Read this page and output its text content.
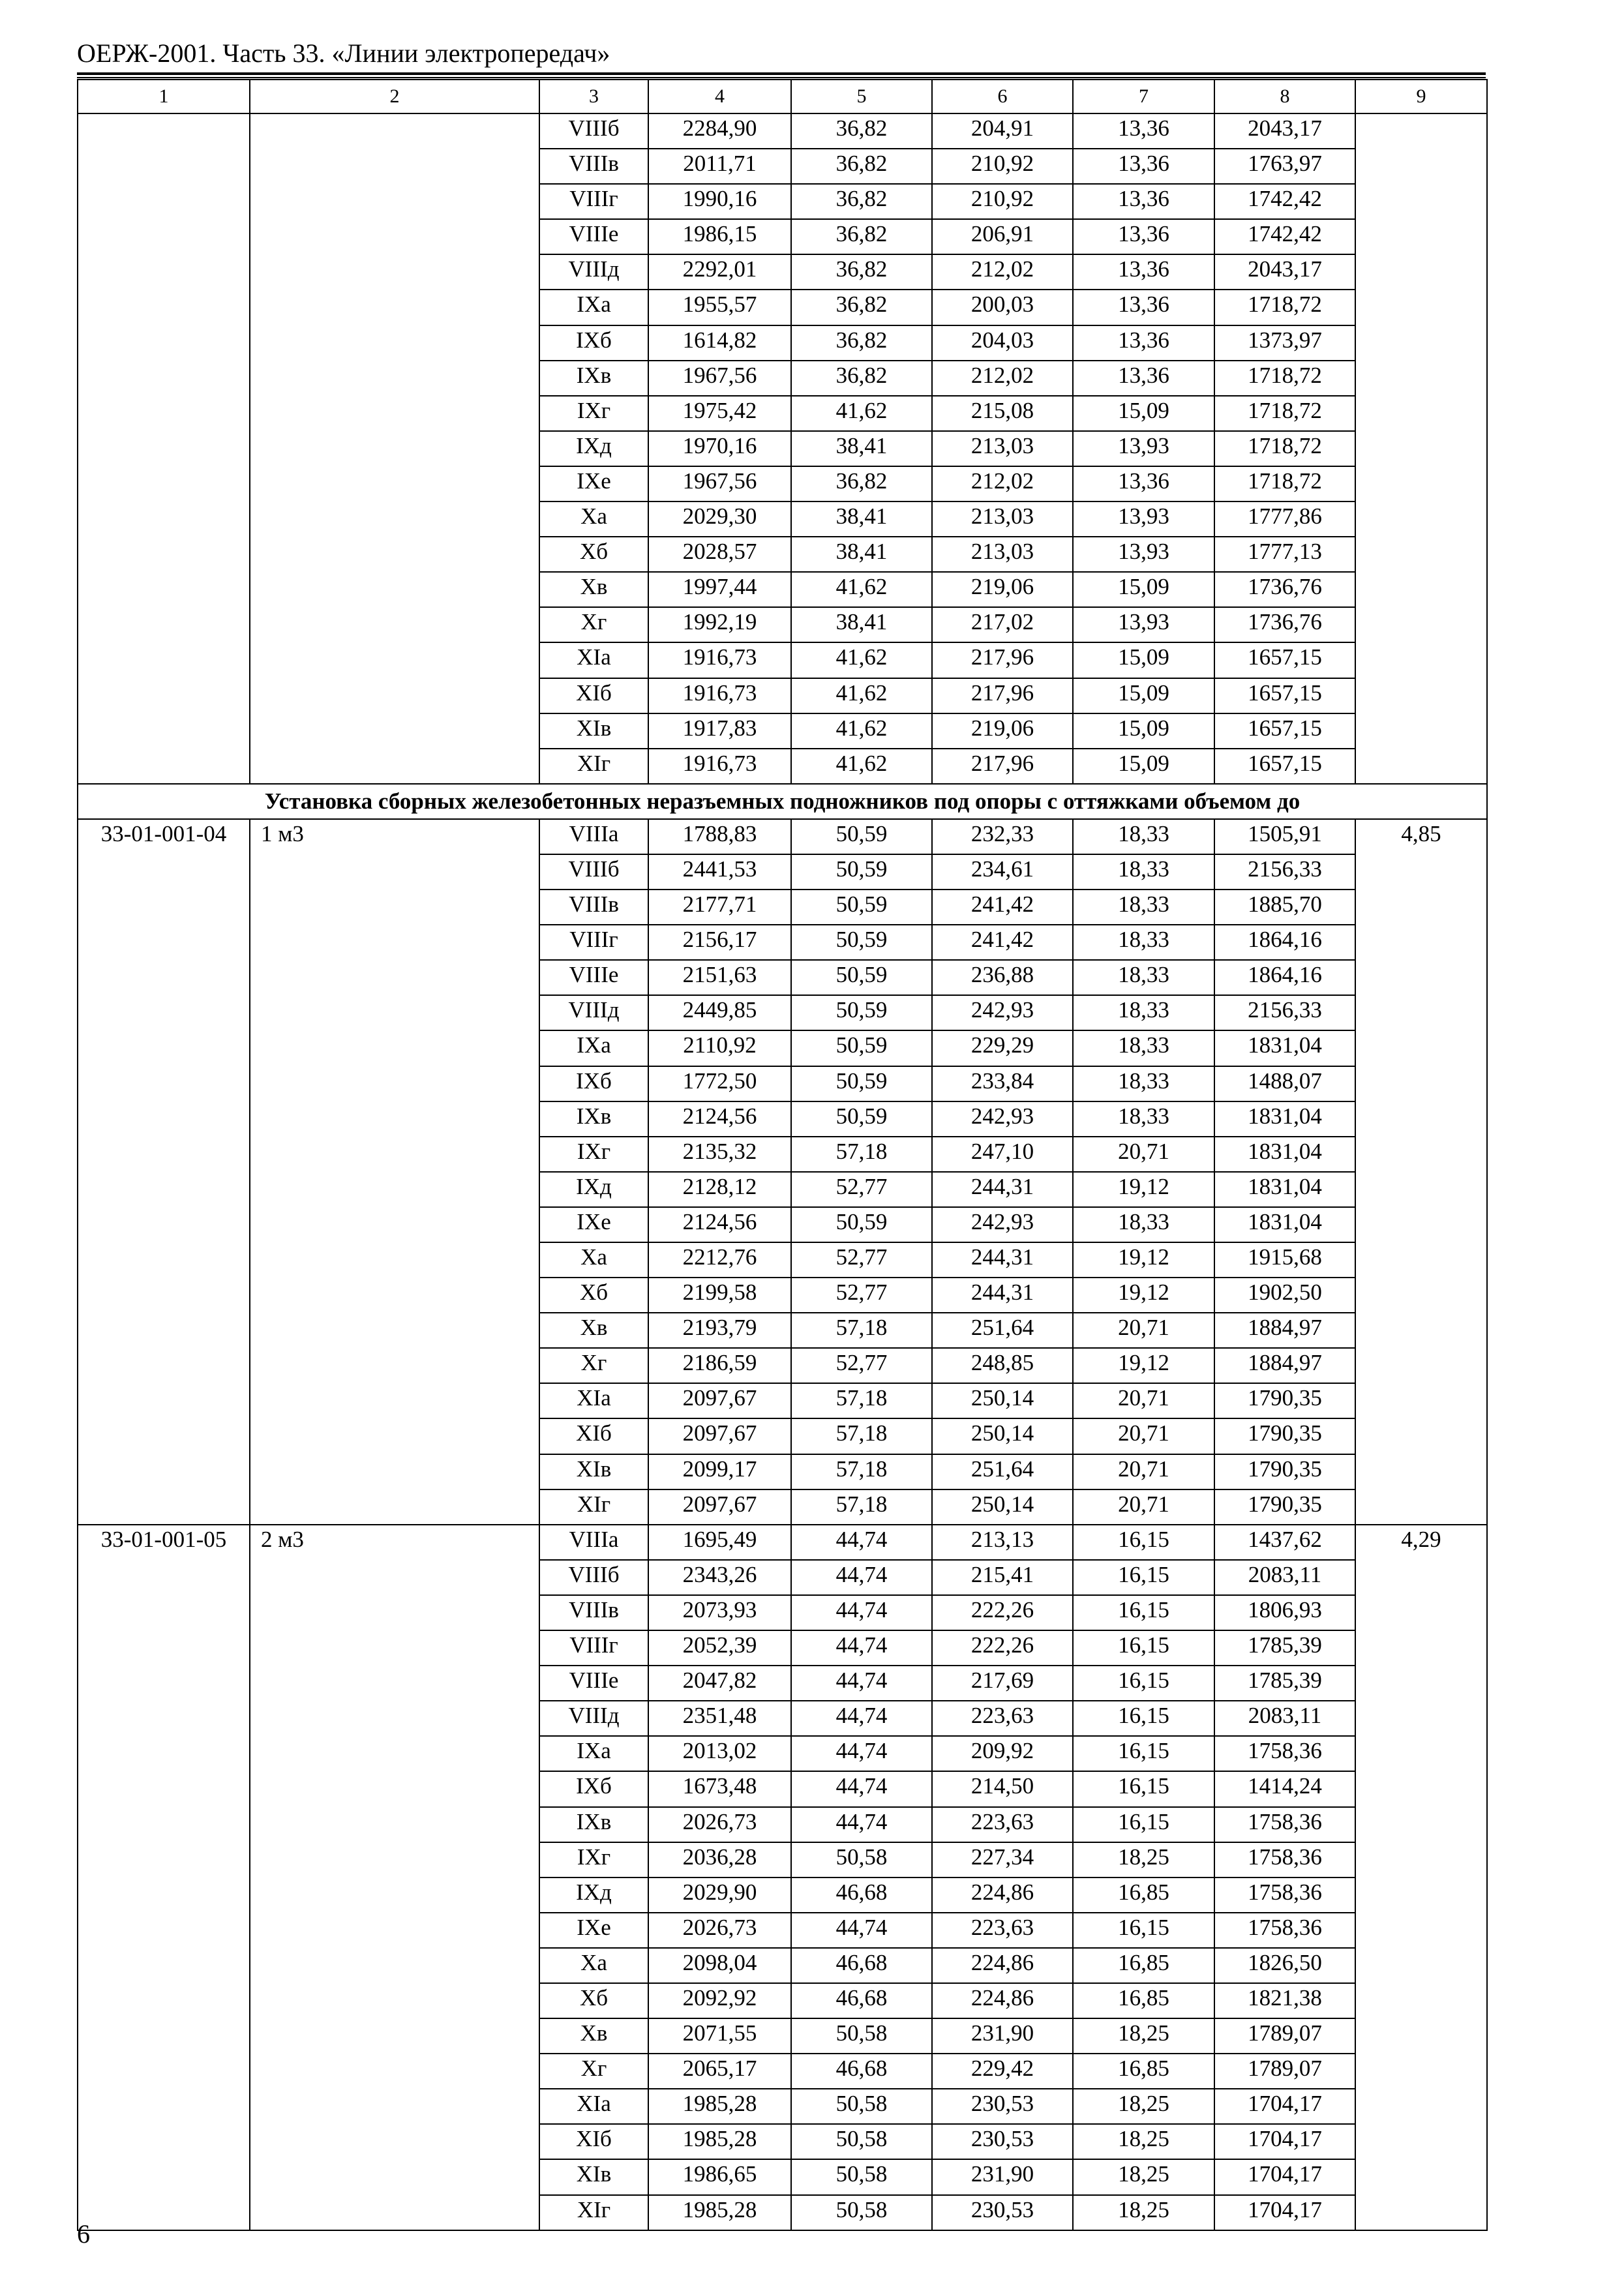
ОЕРЖ-2001. Часть 33. «Линии электропередач»
1	2	3	4	5	6	7	8	9
		VIIIб	2284,90	36,82	204,91	13,36	2043,17	
		VIIIв	2011,71	36,82	210,92	13,36	1763,97	
		VIIIг	1990,16	36,82	210,92	13,36	1742,42	
		VIIIе	1986,15	36,82	206,91	13,36	1742,42	
		VIIIд	2292,01	36,82	212,02	13,36	2043,17	
		IXа	1955,57	36,82	200,03	13,36	1718,72	
		IXб	1614,82	36,82	204,03	13,36	1373,97	
		IXв	1967,56	36,82	212,02	13,36	1718,72	
		IXг	1975,42	41,62	215,08	15,09	1718,72	
		IXд	1970,16	38,41	213,03	13,93	1718,72	
		IXе	1967,56	36,82	212,02	13,36	1718,72	
		Xа	2029,30	38,41	213,03	13,93	1777,86	
		Xб	2028,57	38,41	213,03	13,93	1777,13	
		Xв	1997,44	41,62	219,06	15,09	1736,76	
		Xг	1992,19	38,41	217,02	13,93	1736,76	
		XIа	1916,73	41,62	217,96	15,09	1657,15	
		XIб	1916,73	41,62	217,96	15,09	1657,15	
		XIв	1917,83	41,62	219,06	15,09	1657,15	
		XIг	1916,73	41,62	217,96	15,09	1657,15	
Установка сборных железобетонных неразъемных подножников под опоры с оттяжками объемом до								
33-01-001-04	1 м3	VIIIа	1788,83	50,59	232,33	18,33	1505,91	4,85
		VIIIб	2441,53	50,59	234,61	18,33	2156,33	
		VIIIв	2177,71	50,59	241,42	18,33	1885,70	
		VIIIг	2156,17	50,59	241,42	18,33	1864,16	
		VIIIе	2151,63	50,59	236,88	18,33	1864,16	
		VIIIд	2449,85	50,59	242,93	18,33	2156,33	
		IXа	2110,92	50,59	229,29	18,33	1831,04	
		IXб	1772,50	50,59	233,84	18,33	1488,07	
		IXв	2124,56	50,59	242,93	18,33	1831,04	
		IXг	2135,32	57,18	247,10	20,71	1831,04	
		IXд	2128,12	52,77	244,31	19,12	1831,04	
		IXе	2124,56	50,59	242,93	18,33	1831,04	
		Xа	2212,76	52,77	244,31	19,12	1915,68	
		Xб	2199,58	52,77	244,31	19,12	1902,50	
		Xв	2193,79	57,18	251,64	20,71	1884,97	
		Xг	2186,59	52,77	248,85	19,12	1884,97	
		XIа	2097,67	57,18	250,14	20,71	1790,35	
		XIб	2097,67	57,18	250,14	20,71	1790,35	
		XIв	2099,17	57,18	251,64	20,71	1790,35	
		XIг	2097,67	57,18	250,14	20,71	1790,35	
33-01-001-05	2 м3	VIIIа	1695,49	44,74	213,13	16,15	1437,62	4,29
		VIIIб	2343,26	44,74	215,41	16,15	2083,11	
		VIIIв	2073,93	44,74	222,26	16,15	1806,93	
		VIIIг	2052,39	44,74	222,26	16,15	1785,39	
		VIIIе	2047,82	44,74	217,69	16,15	1785,39	
		VIIIд	2351,48	44,74	223,63	16,15	2083,11	
		IXа	2013,02	44,74	209,92	16,15	1758,36	
		IXб	1673,48	44,74	214,50	16,15	1414,24	
		IXв	2026,73	44,74	223,63	16,15	1758,36	
		IXг	2036,28	50,58	227,34	18,25	1758,36	
		IXд	2029,90	46,68	224,86	16,85	1758,36	
		IXе	2026,73	44,74	223,63	16,15	1758,36	
		Xа	2098,04	46,68	224,86	16,85	1826,50	
		Xб	2092,92	46,68	224,86	16,85	1821,38	
		Xв	2071,55	50,58	231,90	18,25	1789,07	
		Xг	2065,17	46,68	229,42	16,85	1789,07	
		XIа	1985,28	50,58	230,53	18,25	1704,17	
		XIб	1985,28	50,58	230,53	18,25	1704,17	
		XIв	1986,65	50,58	231,90	18,25	1704,17	
		XIг	1985,28	50,58	230,53	18,25	1704,17	
6
